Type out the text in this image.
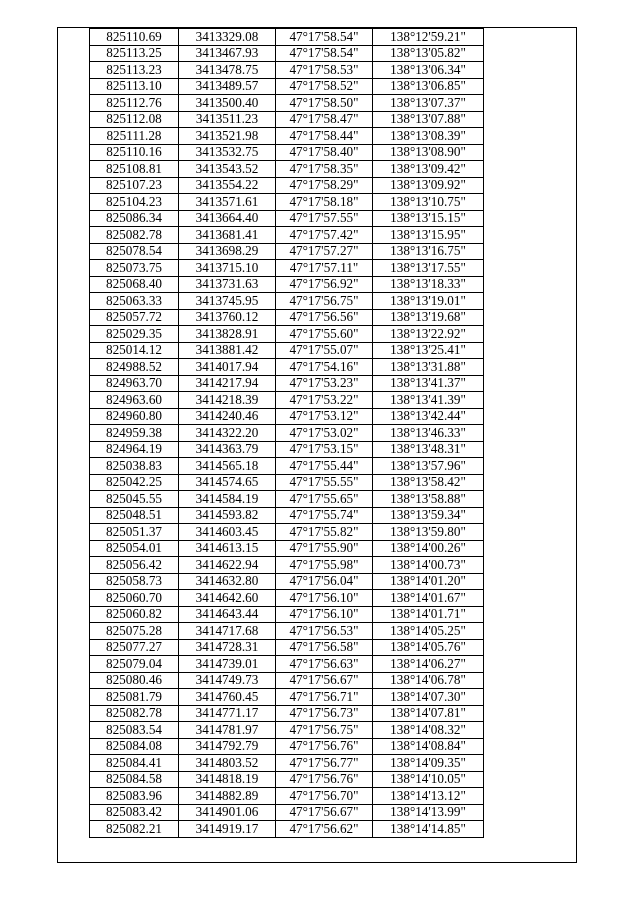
825110.69	3413329.08	47°17'58.54"	138°12'59.21"
825113.25	3413467.93	47°17'58.54"	138°13'05.82"
825113.23	3413478.75	47°17'58.53"	138°13'06.34"
825113.10	3413489.57	47°17'58.52"	138°13'06.85"
825112.76	3413500.40	47°17'58.50"	138°13'07.37"
825112.08	3413511.23	47°17'58.47"	138°13'07.88"
825111.28	3413521.98	47°17'58.44"	138°13'08.39"
825110.16	3413532.75	47°17'58.40"	138°13'08.90"
825108.81	3413543.52	47°17'58.35"	138°13'09.42"
825107.23	3413554.22	47°17'58.29"	138°13'09.92"
825104.23	3413571.61	47°17'58.18"	138°13'10.75"
825086.34	3413664.40	47°17'57.55"	138°13'15.15"
825082.78	3413681.41	47°17'57.42"	138°13'15.95"
825078.54	3413698.29	47°17'57.27"	138°13'16.75"
825073.75	3413715.10	47°17'57.11"	138°13'17.55"
825068.40	3413731.63	47°17'56.92"	138°13'18.33"
825063.33	3413745.95	47°17'56.75"	138°13'19.01"
825057.72	3413760.12	47°17'56.56"	138°13'19.68"
825029.35	3413828.91	47°17'55.60"	138°13'22.92"
825014.12	3413881.42	47°17'55.07"	138°13'25.41"
824988.52	3414017.94	47°17'54.16"	138°13'31.88"
824963.70	3414217.94	47°17'53.23"	138°13'41.37"
824963.60	3414218.39	47°17'53.22"	138°13'41.39"
824960.80	3414240.46	47°17'53.12"	138°13'42.44"
824959.38	3414322.20	47°17'53.02"	138°13'46.33"
824964.19	3414363.79	47°17'53.15"	138°13'48.31"
825038.83	3414565.18	47°17'55.44"	138°13'57.96"
825042.25	3414574.65	47°17'55.55"	138°13'58.42"
825045.55	3414584.19	47°17'55.65"	138°13'58.88"
825048.51	3414593.82	47°17'55.74"	138°13'59.34"
825051.37	3414603.45	47°17'55.82"	138°13'59.80"
825054.01	3414613.15	47°17'55.90"	138°14'00.26"
825056.42	3414622.94	47°17'55.98"	138°14'00.73"
825058.73	3414632.80	47°17'56.04"	138°14'01.20"
825060.70	3414642.60	47°17'56.10"	138°14'01.67"
825060.82	3414643.44	47°17'56.10"	138°14'01.71"
825075.28	3414717.68	47°17'56.53"	138°14'05.25"
825077.27	3414728.31	47°17'56.58"	138°14'05.76"
825079.04	3414739.01	47°17'56.63"	138°14'06.27"
825080.46	3414749.73	47°17'56.67"	138°14'06.78"
825081.79	3414760.45	47°17'56.71"	138°14'07.30"
825082.78	3414771.17	47°17'56.73"	138°14'07.81"
825083.54	3414781.97	47°17'56.75"	138°14'08.32"
825084.08	3414792.79	47°17'56.76"	138°14'08.84"
825084.41	3414803.52	47°17'56.77"	138°14'09.35"
825084.58	3414818.19	47°17'56.76"	138°14'10.05"
825083.96	3414882.89	47°17'56.70"	138°14'13.12"
825083.42	3414901.06	47°17'56.67"	138°14'13.99"
825082.21	3414919.17	47°17'56.62"	138°14'14.85"
